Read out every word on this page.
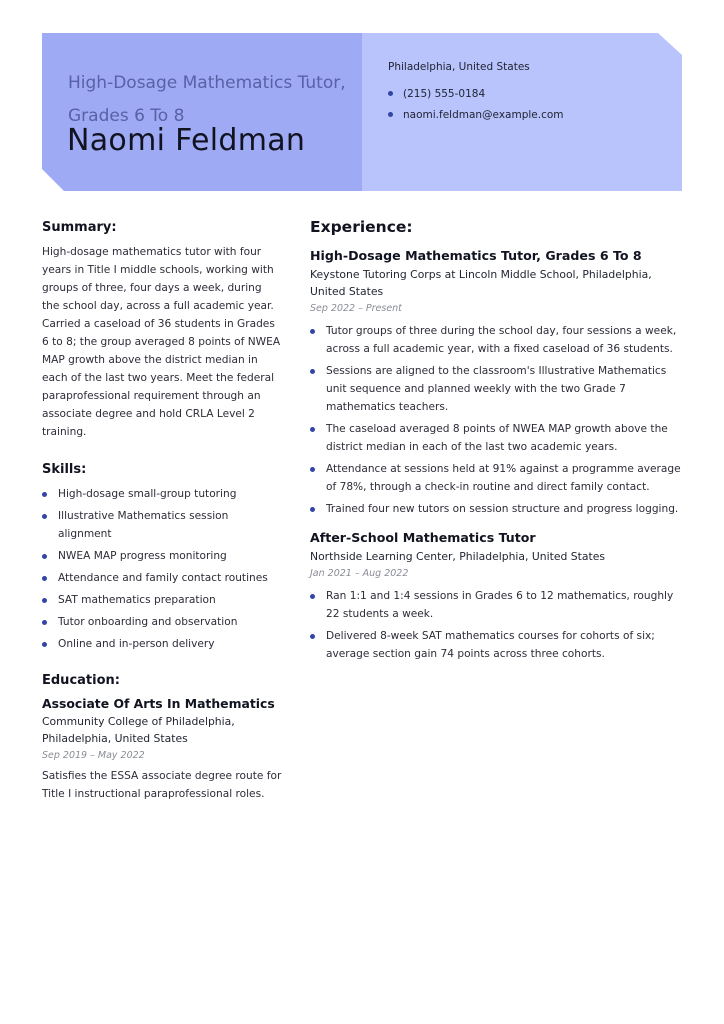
High-Dosage Mathematics Tutor, Grades 6 To 8
Naomi Feldman
Philadelphia, United States
(215) 555-0184
naomi.feldman@example.com
Summary:
High-dosage mathematics tutor with four years in Title I middle schools, working with groups of three, four days a week, during the school day, across a full academic year. Carried a caseload of 36 students in Grades 6 to 8; the group averaged 8 points of NWEA MAP growth above the district median in each of the last two years. Meet the federal paraprofessional requirement through an associate degree and hold CRLA Level 2 training.
Skills:
High-dosage small-group tutoring
Illustrative Mathematics session alignment
NWEA MAP progress monitoring
Attendance and family contact routines
SAT mathematics preparation
Tutor onboarding and observation
Online and in-person delivery
Education:
Associate Of Arts In Mathematics
Community College of Philadelphia, Philadelphia, United States
Sep 2019 – May 2022
Satisfies the ESSA associate degree route for Title I instructional paraprofessional roles.
Experience:
High-Dosage Mathematics Tutor, Grades 6 To 8
Keystone Tutoring Corps at Lincoln Middle School, Philadelphia, United States
Sep 2022 – Present
Tutor groups of three during the school day, four sessions a week, across a full academic year, with a fixed caseload of 36 students.
Sessions are aligned to the classroom's Illustrative Mathematics unit sequence and planned weekly with the two Grade 7 mathematics teachers.
The caseload averaged 8 points of NWEA MAP growth above the district median in each of the last two academic years.
Attendance at sessions held at 91% against a programme average of 78%, through a check-in routine and direct family contact.
Trained four new tutors on session structure and progress logging.
After-School Mathematics Tutor
Northside Learning Center, Philadelphia, United States
Jan 2021 – Aug 2022
Ran 1:1 and 1:4 sessions in Grades 6 to 12 mathematics, roughly 22 students a week.
Delivered 8-week SAT mathematics courses for cohorts of six; average section gain 74 points across three cohorts.
